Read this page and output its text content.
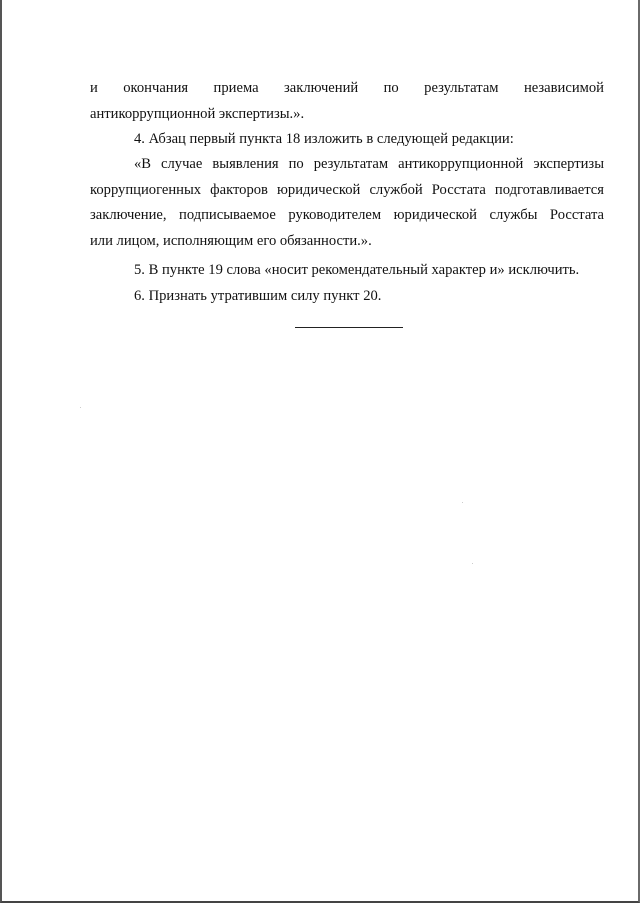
и окончания приема заключений по результатам независимой
антикоррупционной экспертизы.».
4. Абзац первый пункта 18 изложить в следующей редакции:
«В случае выявления по результатам антикоррупционной экспертизы
коррупциогенных факторов юридической службой Росстата подготавливается
заключение, подписываемое руководителем юридической службы Росстата
или лицом, исполняющим его обязанности.».
5. В пункте 19 слова «носит рекомендательный характер и» исключить.
6. Признать утратившим силу пункт 20.
